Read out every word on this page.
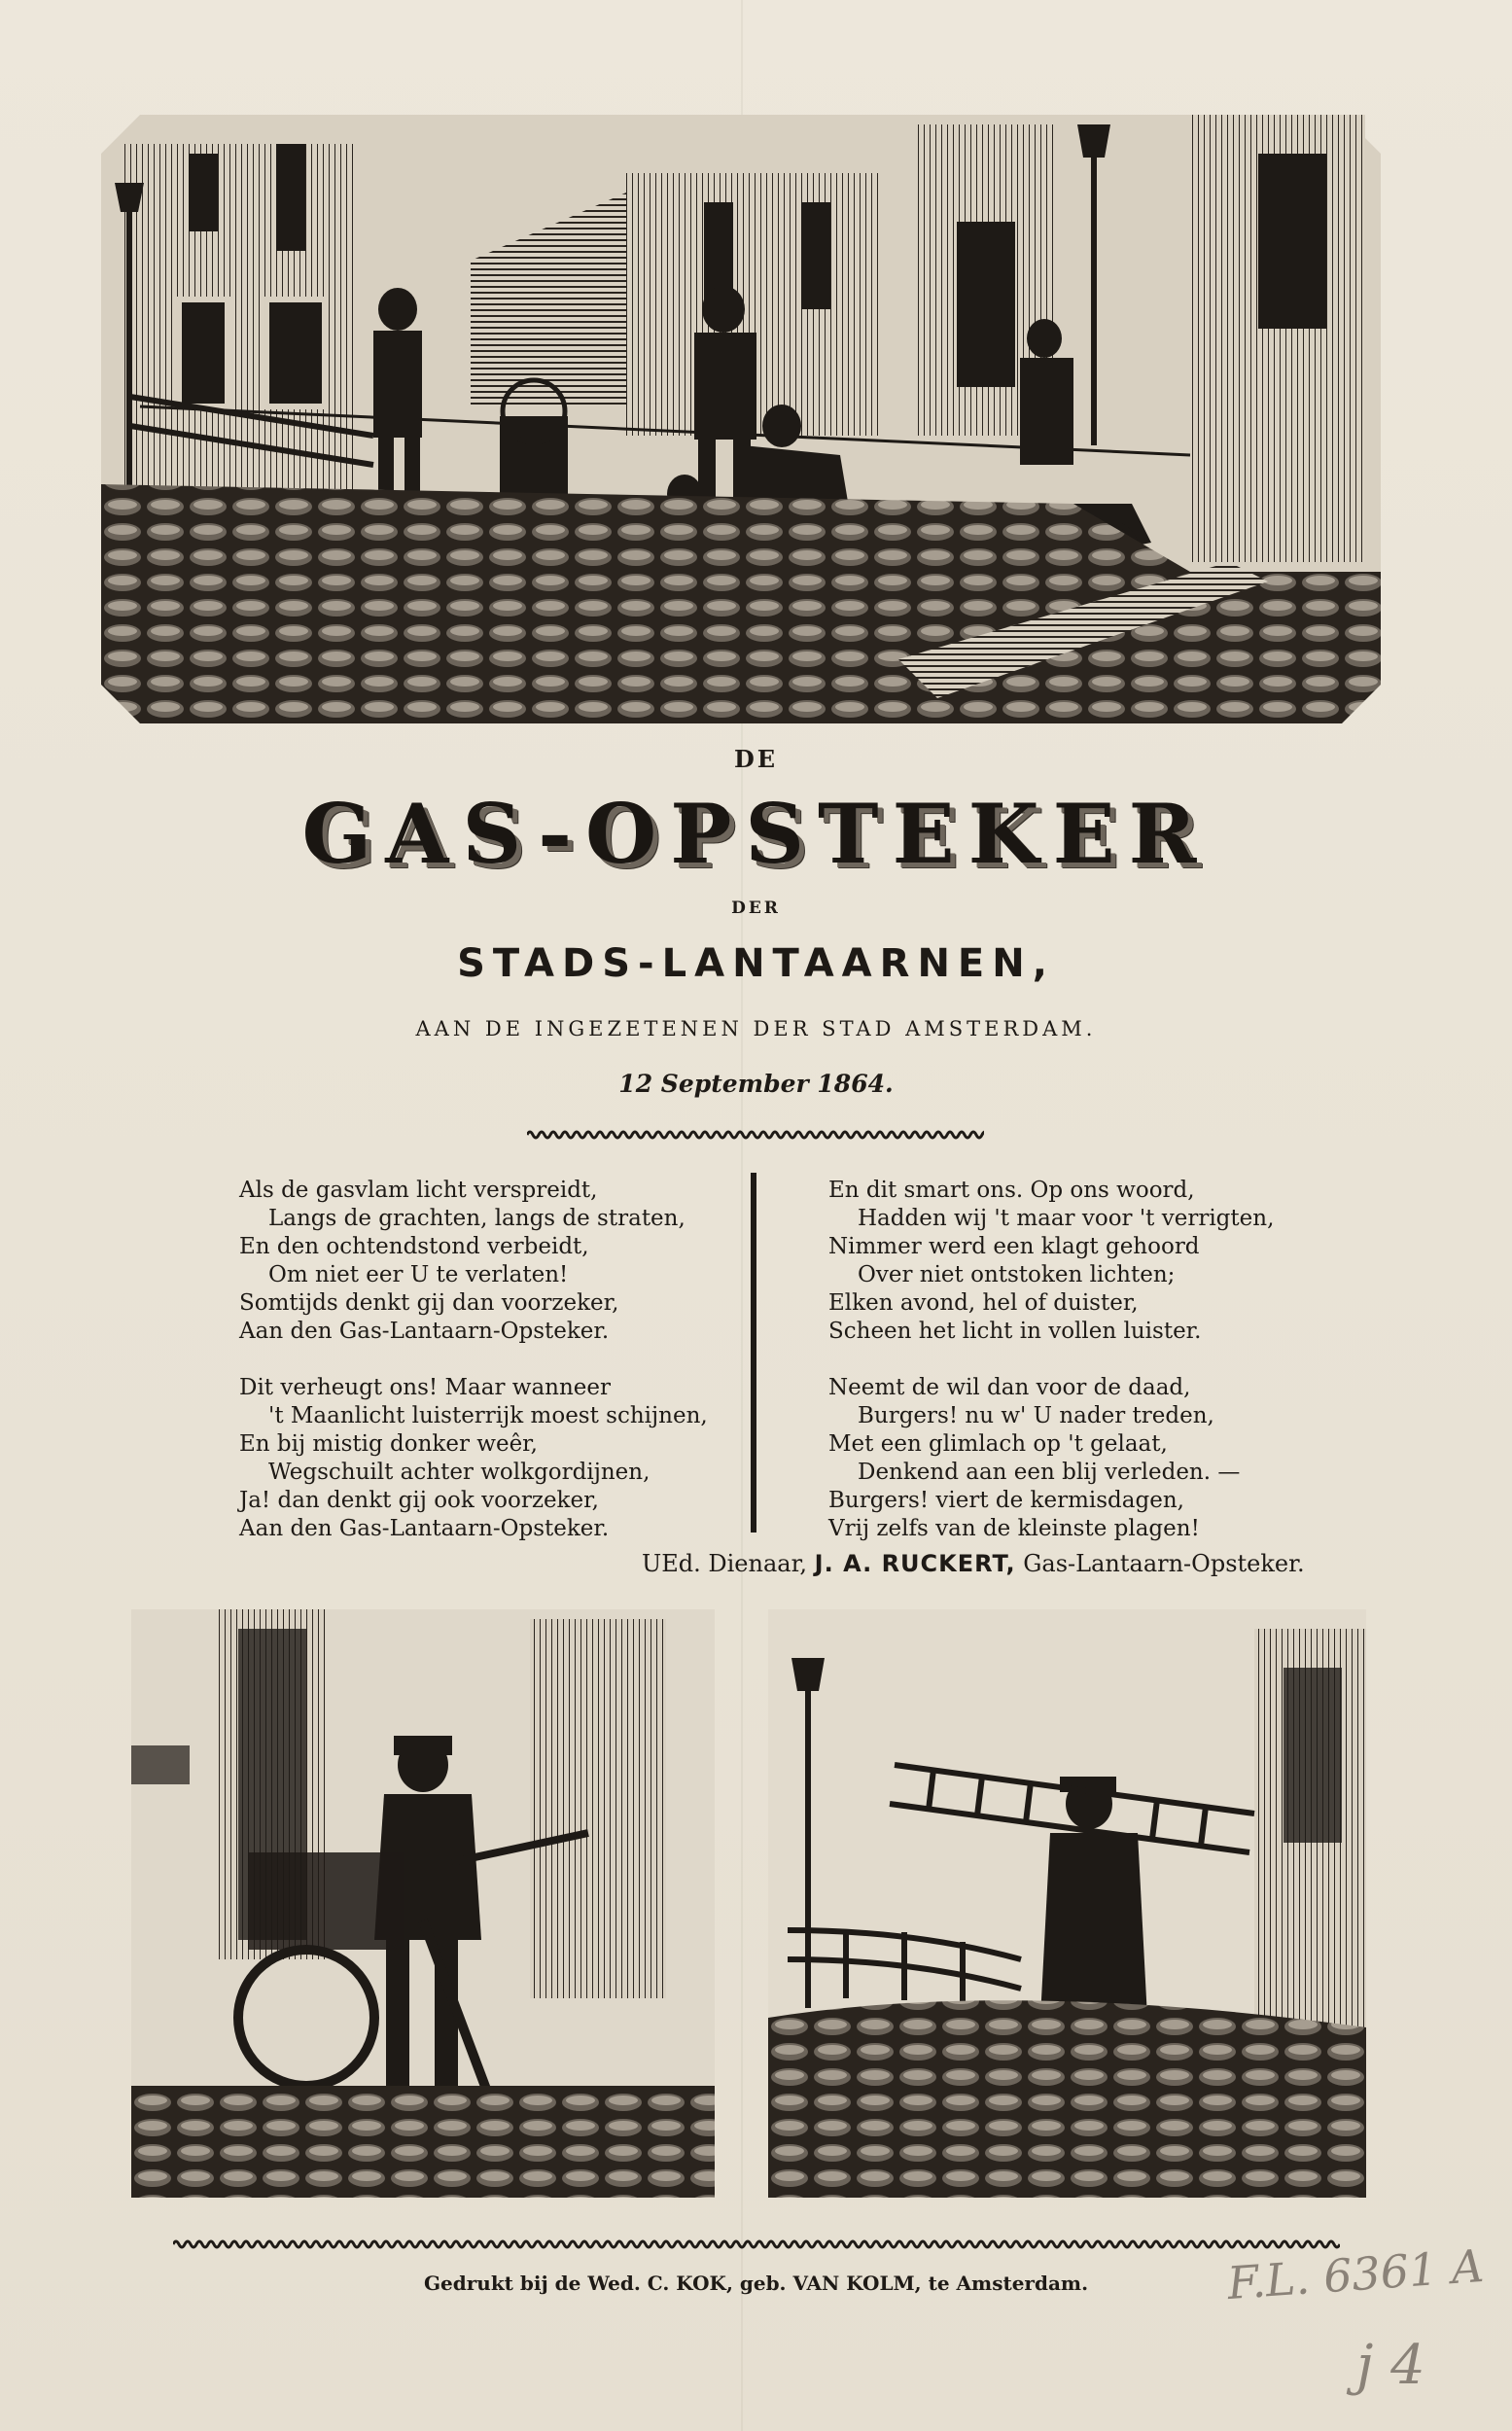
DE
GAS-OPSTEKER
DER
STADS-LANTAARNEN,
AAN DE INGEZETENEN DER STAD AMSTERDAM.
12 September 1864.
Als de gasvlam licht verspreidt,
Langs de grachten, langs de straten,
En den ochtendstond verbeidt,
Om niet eer U te verlaten!
Somtijds denkt gij dan voorzeker,
Aan den Gas-Lantaarn-Opsteker.
Dit verheugt ons! Maar wanneer
't Maanlicht luisterrijk moest schijnen,
En bij mistig donker weêr,
Wegschuilt achter wolkgordijnen,
Ja! dan denkt gij ook voorzeker,
Aan den Gas-Lantaarn-Opsteker.
En dit smart ons. Op ons woord,
Hadden wij 't maar voor 't verrigten,
Nimmer werd een klagt gehoord
Over niet ontstoken lichten;
Elken avond, hel of duister,
Scheen het licht in vollen luister.
Neemt de wil dan voor de daad,
Burgers! nu w' U nader treden,
Met een glimlach op 't gelaat,
Denkend aan een blij verleden. —
Burgers! viert de kermisdagen,
Vrij zelfs van de kleinste plagen!
UEd. Dienaar, J. A. RUCKERT, Gas-Lantaarn-Opsteker.
Gedrukt bij de Wed. C. KOK, geb. VAN KOLM, te Amsterdam.	F.L. 6361 A
j 4
